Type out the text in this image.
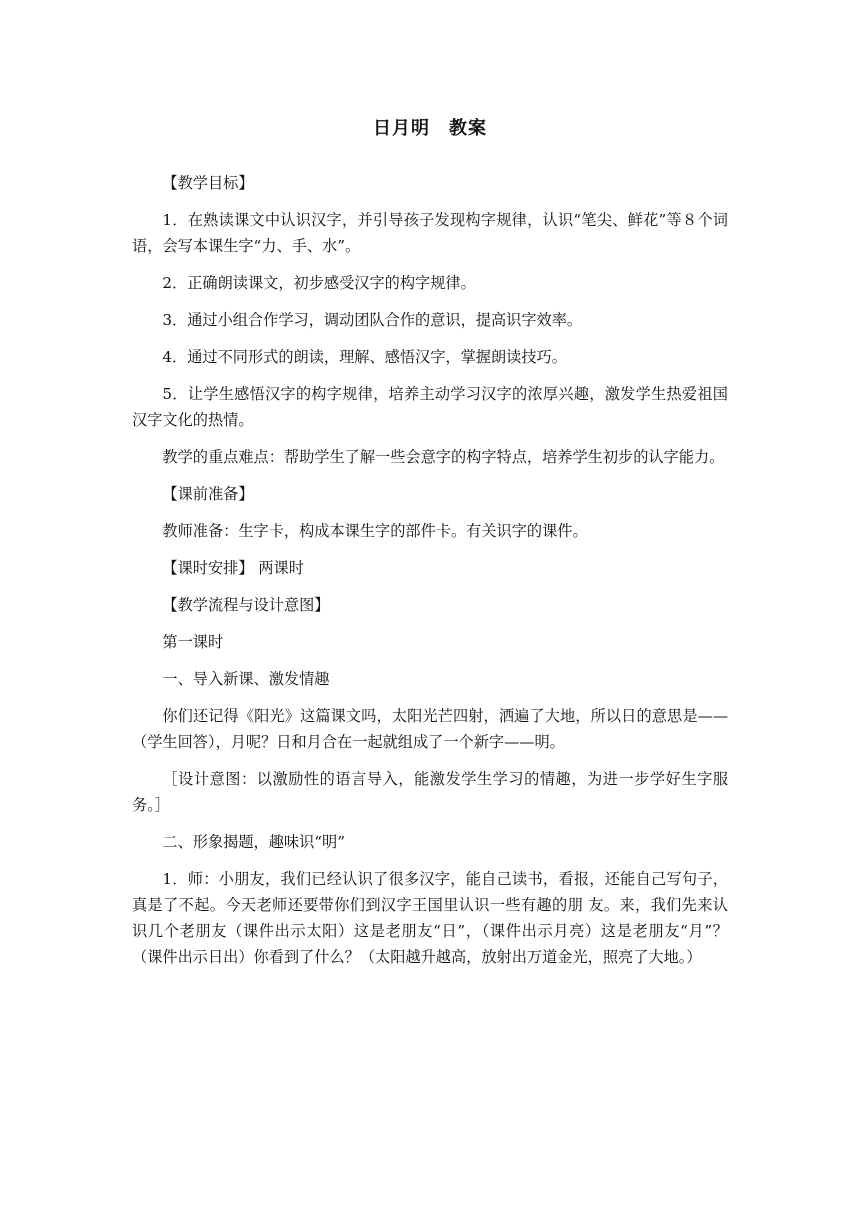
日月明　教案

【教学目标】

1．在熟读课文中认识汉字，并引导孩子发现构字规律，认识“笔尖、鲜花”等８个词语，会写本课生字“力、手、水”。

2．正确朗读课文，初步感受汉字的构字规律。

3．通过小组合作学习，调动团队合作的意识，提高识字效率。

4．通过不同形式的朗读，理解、感悟汉字，掌握朗读技巧。

5．让学生感悟汉字的构字规律，培养主动学习汉字的浓厚兴趣，激发学生热爱祖国汉字文化的热情。

教学的重点难点：帮助学生了解一些会意字的构字特点，培养学生初步的认字能力。

【课前准备】

教师准备：生字卡，构成本课生字的部件卡。有关识字的课件。

【课时安排】 两课时

【教学流程与设计意图】

第一课时

一、导入新课、激发情趣

你们还记得《阳光》这篇课文吗，太阳光芒四射，洒遍了大地，所以日的意思是——（学生回答），月呢？日和月合在一起就组成了一个新字——明。

［设计意图：以激励性的语言导入，能激发学生学习的情趣，为进一步学好生字服务。］

二、形象揭题，趣味识“明”

1．师：小朋友，我们已经认识了很多汉字，能自己读书，看报，还能自己写句子，真是了不起。今天老师还要带你们到汉字王国里认识一些有趣的朋 友。来，我们先来认识几个老朋友（课件出示太阳）这是老朋友“日”，（课件出示月亮）这是老朋友“月”？（课件出示日出）你看到了什么？（太阳越升越高，放射出万道金光，照亮了大地。）
